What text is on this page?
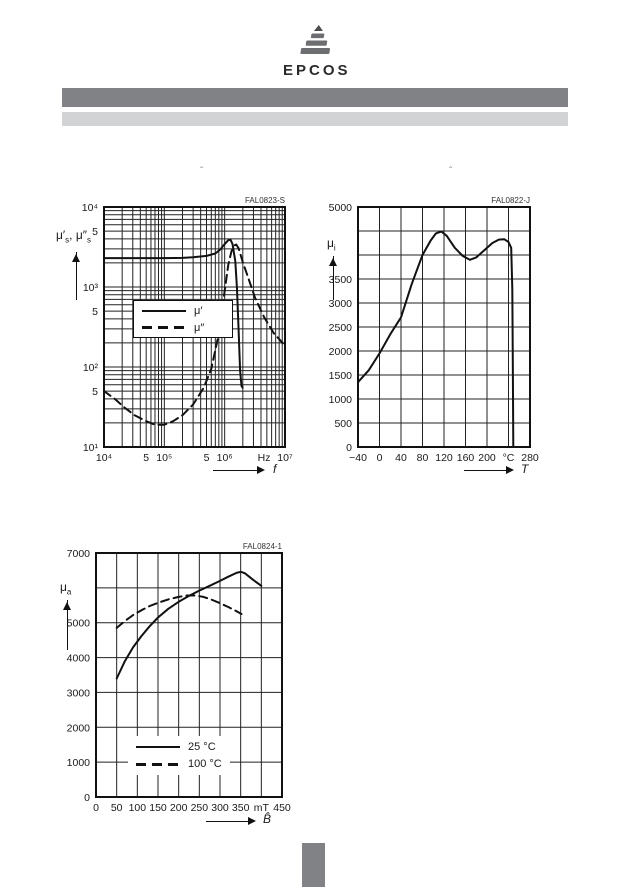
EPCOS
ˆ	ˆ
10⁴	5 10⁵	5 10⁶ Hz 10⁷
10⁴
5
10³
5
10²
5
10¹
FAL0823-S
$\mu'_s$, $\mu''_s$
f
μ′
μ″
−40 0 40 80 120 160 200 °C 280
0
500
1000
1500
2000
2500
3000
3500
5000
FAL0822-J
$\mu_i$
T
0 50 100 150 200 250 300 350 mT 450
0
1000
2000
3000
4000
5000
7000
FAL0824-1
$\mu_a$
B̂
25 °C
100 °C
